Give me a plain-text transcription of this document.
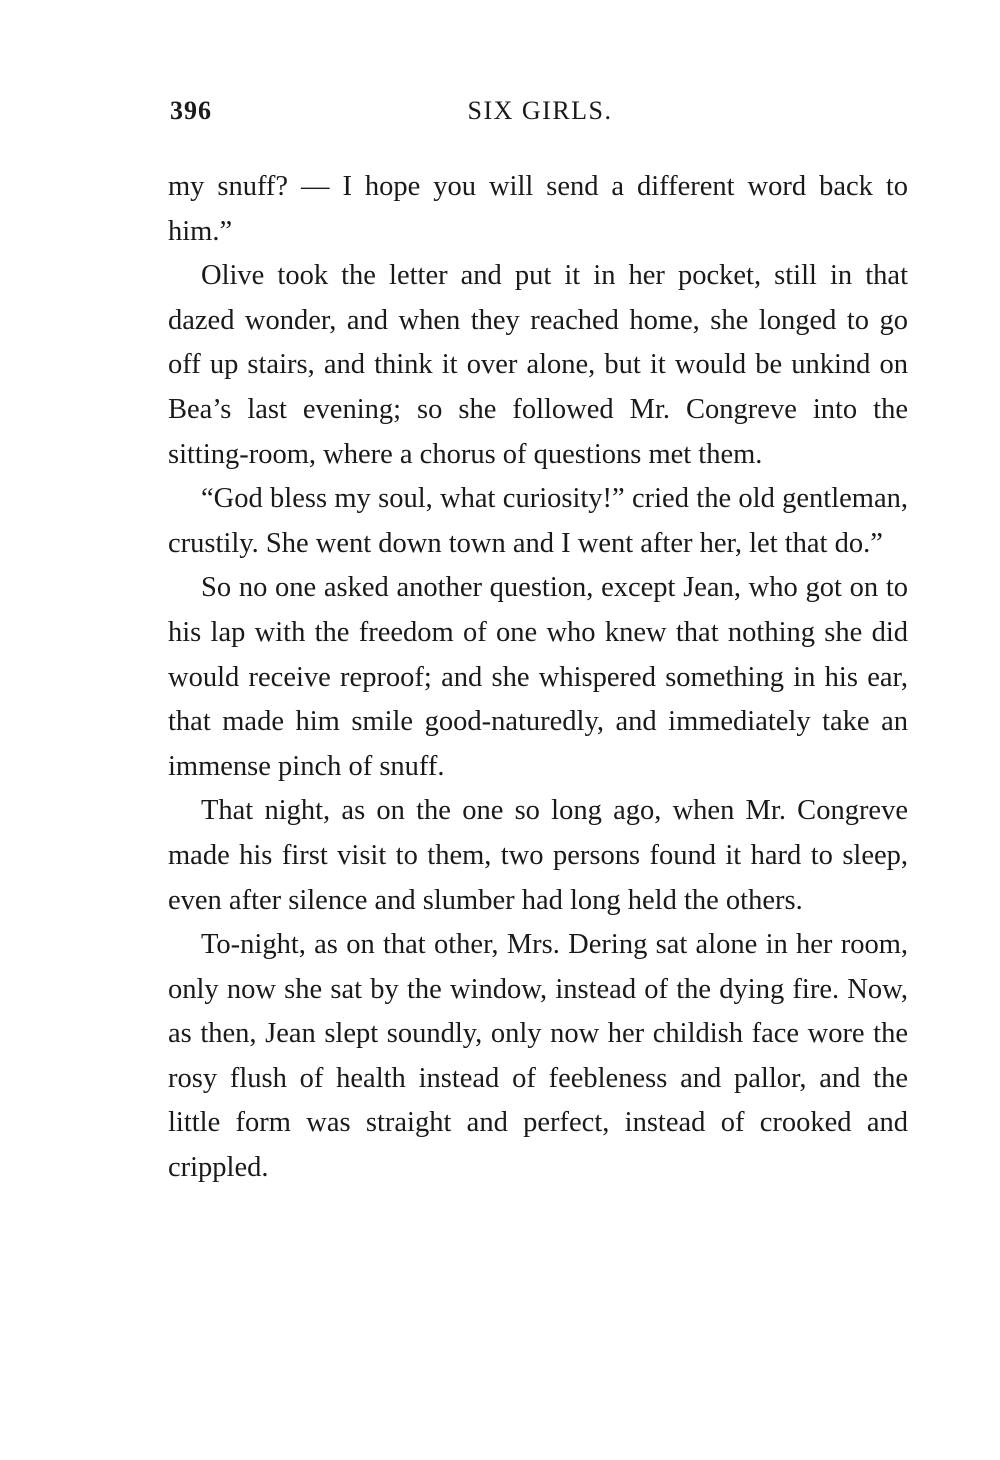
396	SIX GIRLS.

my snuff? — I hope you will send a different word back to him.”

Olive took the letter and put it in her pocket, still in that dazed wonder, and when they reached home, she longed to go off up stairs, and think it over alone, but it would be unkind on Bea’s last evening; so she followed Mr. Congreve into the sitting-room, where a chorus of questions met them.

“God bless my soul, what curiosity!” cried the old gentleman, crustily. She went down town and I went after her, let that do.”

So no one asked another question, except Jean, who got on to his lap with the freedom of one who knew that nothing she did would receive reproof; and she whispered something in his ear, that made him smile good-naturedly, and immediately take an immense pinch of snuff.

That night, as on the one so long ago, when Mr. Congreve made his first visit to them, two persons found it hard to sleep, even after silence and slumber had long held the others.

To-night, as on that other, Mrs. Dering sat alone in her room, only now she sat by the window, instead of the dying fire. Now, as then, Jean slept soundly, only now her childish face wore the rosy flush of health instead of feebleness and pallor, and the little form was straight and perfect, instead of crooked and crippled.
